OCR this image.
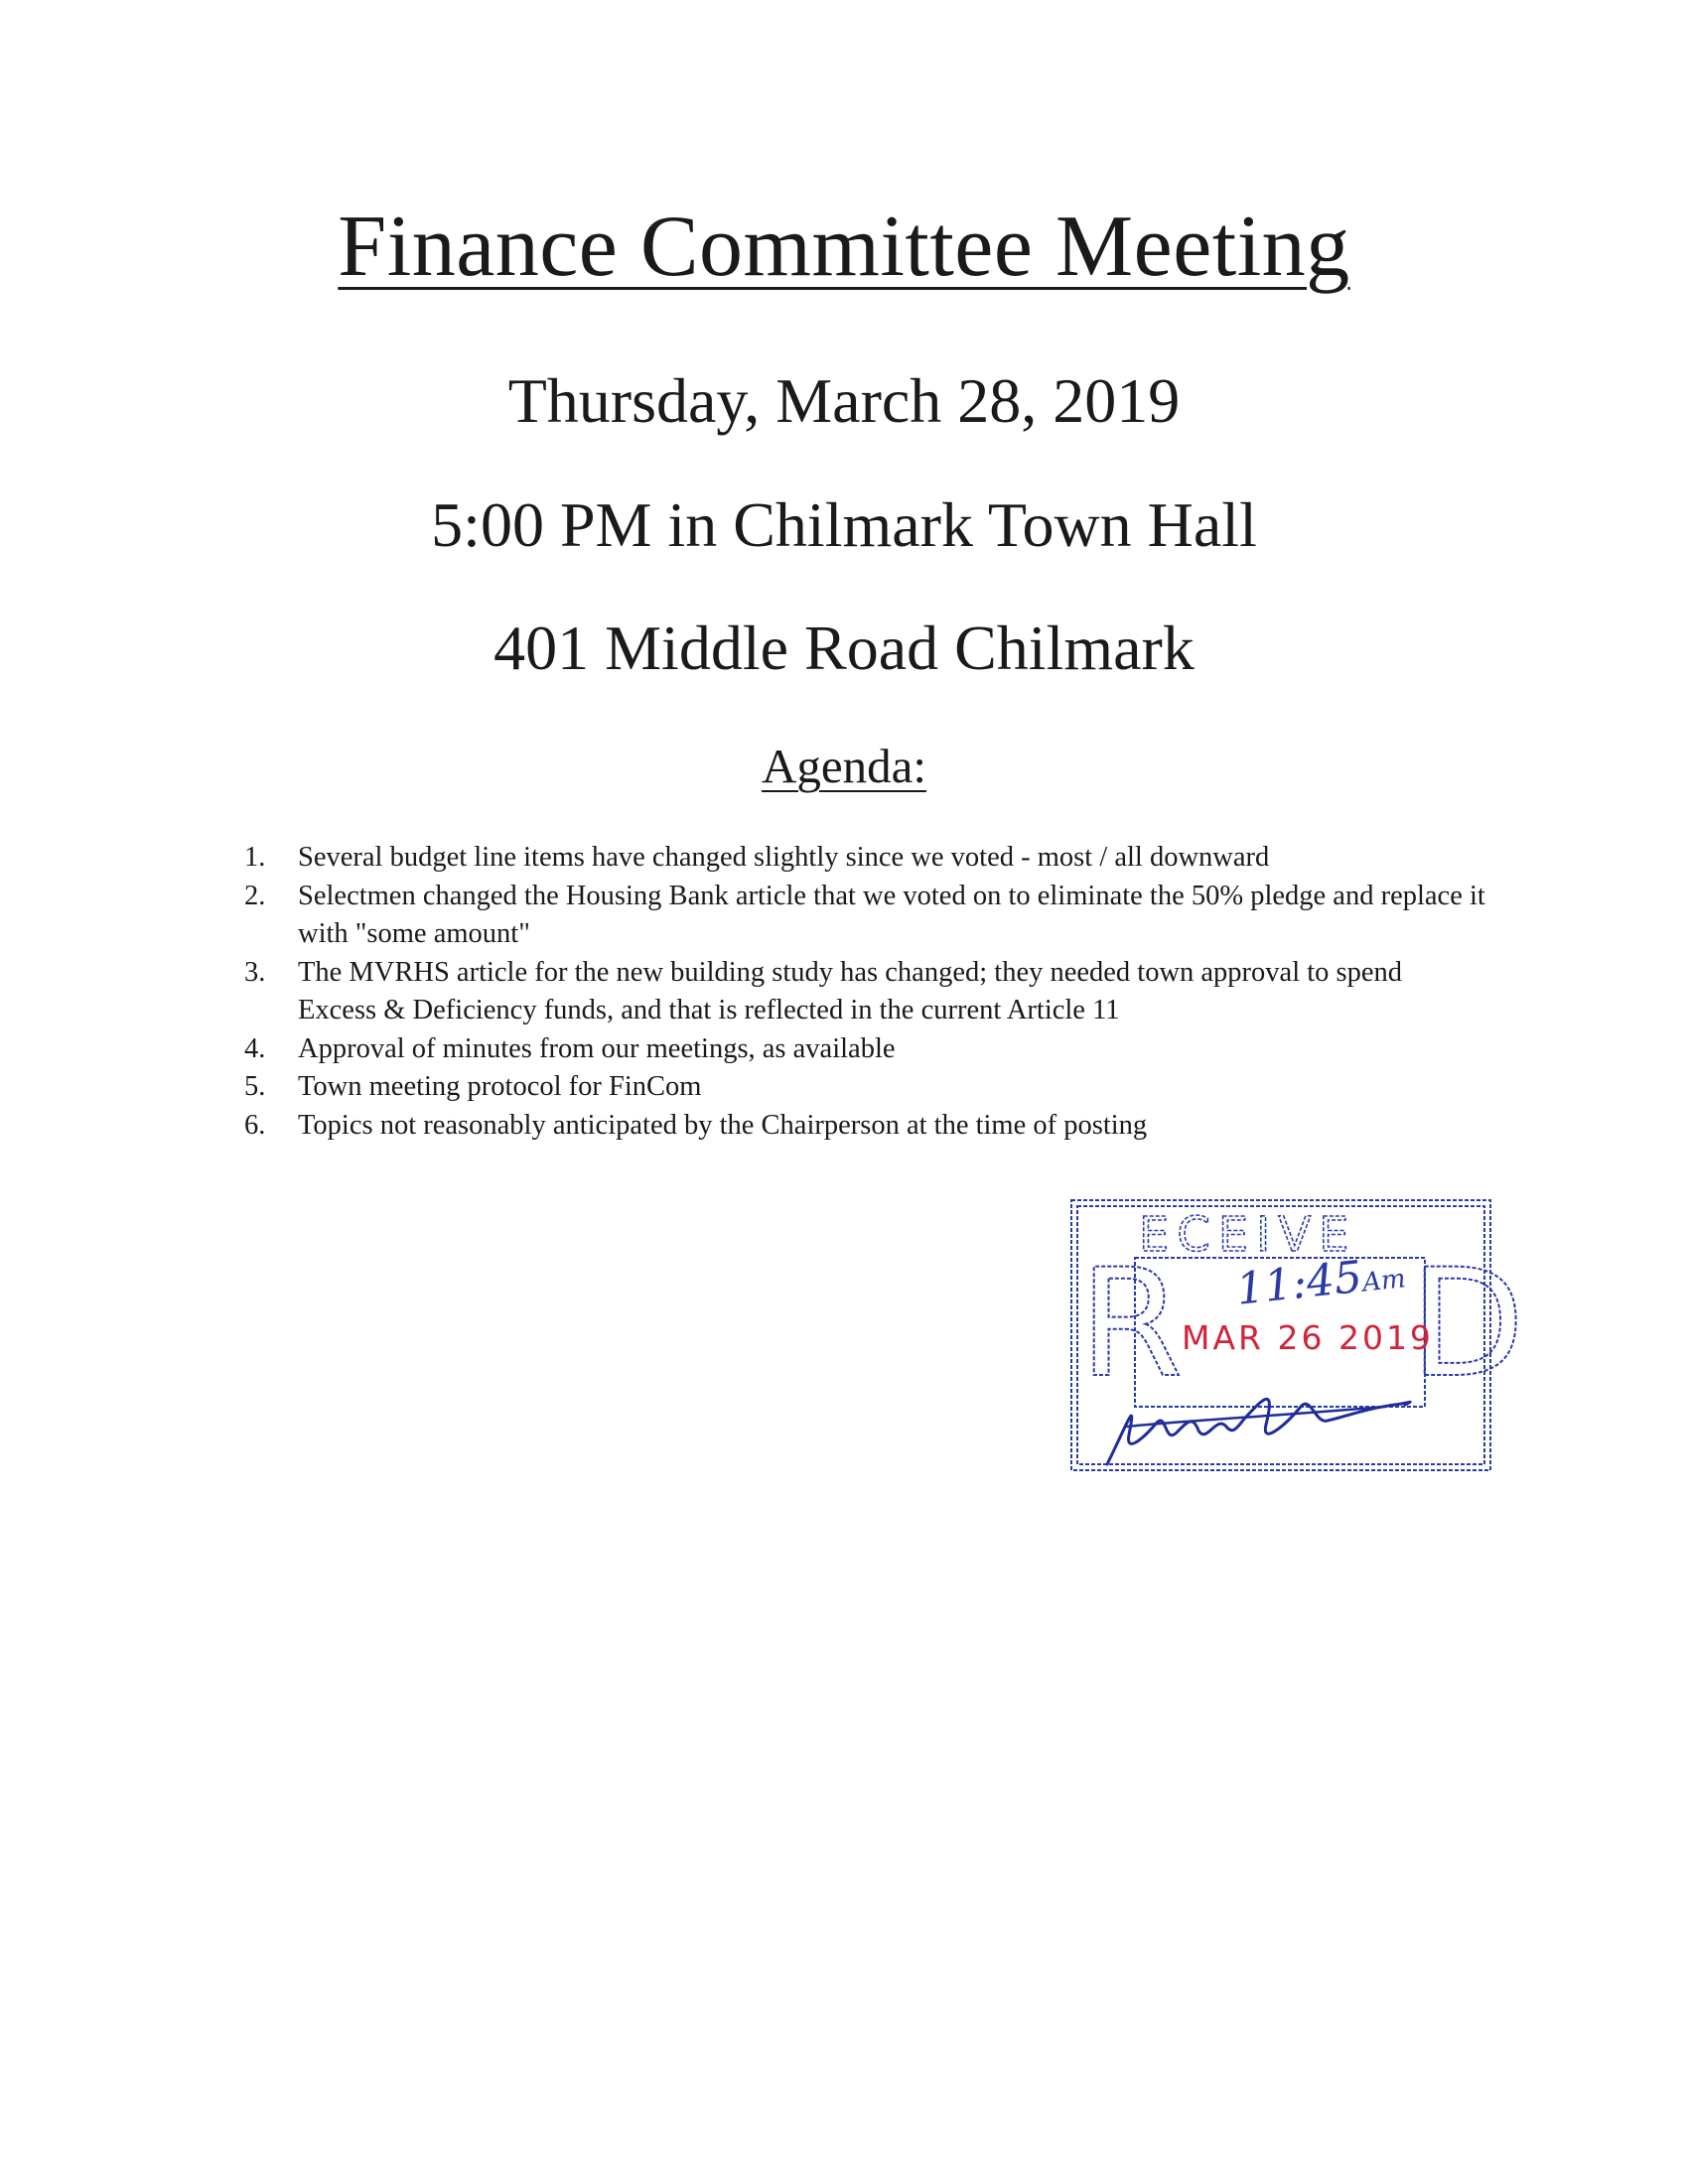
Finance Committee Meeting
Thursday, March 28, 2019
5:00 PM in Chilmark Town Hall
401 Middle Road Chilmark
Agenda:
1. Several budget line items have changed slightly since we voted - most / all downward
2. Selectmen changed the Housing Bank article that we voted on to eliminate the 50% pledge and replace it with "some amount"
3. The MVRHS article for the new building study has changed; they needed town approval to spend Excess & Deficiency funds, and that is reflected in the current Article 11
4. Approval of minutes from our meetings, as available
5. Town meeting protocol for FinCom
6. Topics not reasonably anticipated by the Chairperson at the time of posting
R D
ECEIVE
11:45Am
MAR 26 2019
